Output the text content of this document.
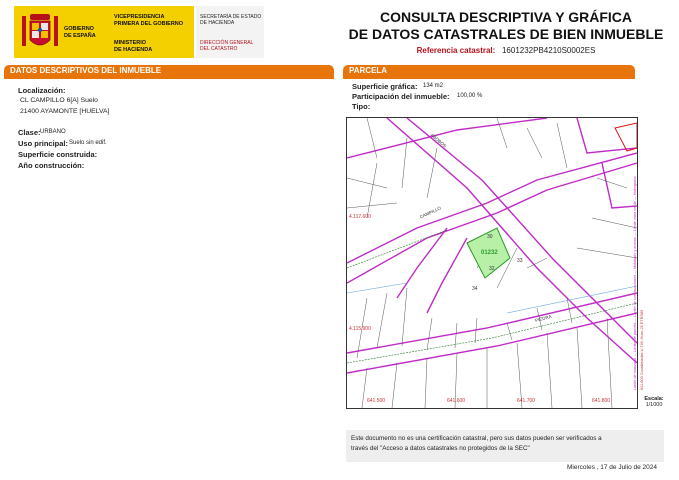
GOBIERNO
DE ESPAÑA
VICEPRESIDENCIA
PRIMERA DEL GOBIERNO
MINISTERIO
DE HACIENDA
SECRETARÍA DE ESTADO
DE HACIENDA
DIRECCIÓN GENERAL
DEL CATASTRO
CONSULTA DESCRIPTIVA Y GRÁFICA
DE DATOS CATASTRALES DE BIEN INMUEBLE
Referencia catastral: 1601232PB4210S0002ES
DATOS DESCRIPTIVOS DEL INMUEBLE	PARCELA
Localización:
CL CAMPILLO 6[A] Suelo
21400 AYAMONTE [HUELVA]
Clase: URBANO
Uso principal: Suelo sin edif.
Superficie construida:
Año construcción:
Superficie gráfica: 134 m2
Participación del inmueble: 100,00 %
Tipo:
4.117.600
4.115.900
641.500	641.600	641.700	641.800
CAMPILLO
PIEDRA
ABOBOS
01232
30
32
33
34	Límite de manzana — Límite de parcela — Límite de construcciones — Mobiliario y aceras — Límite zona verde — Hidrografía 641.800 Coordenadas U.T.M. Huso 29 ETRS89
Escala:
1/1000
Este documento no es una certificación catastral, pero sus datos pueden ser verificados a
través del "Acceso a datos catastrales no protegidos de la SEC"
Miercoles , 17 de Julio de 2024
